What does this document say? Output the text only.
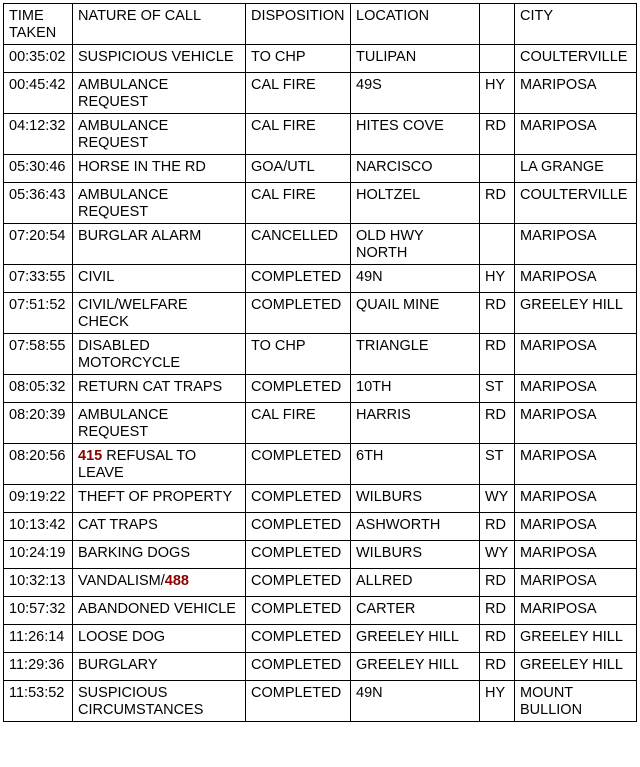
TIME TAKEN	NATURE OF CALL	DISPOSITION	LOCATION		CITY
00:35:02	SUSPICIOUS VEHICLE	TO CHP	TULIPAN		COULTERVILLE
00:45:42	AMBULANCE REQUEST	CAL FIRE	49S	HY	MARIPOSA
04:12:32	AMBULANCE REQUEST	CAL FIRE	HITES COVE	RD	MARIPOSA
05:30:46	HORSE IN THE RD	GOA/UTL	NARCISCO		LA GRANGE
05:36:43	AMBULANCE REQUEST	CAL FIRE	HOLTZEL	RD	COULTERVILLE
07:20:54	BURGLAR ALARM	CANCELLED	OLD HWY NORTH		MARIPOSA
07:33:55	CIVIL	COMPLETED	49N	HY	MARIPOSA
07:51:52	CIVIL/WELFARE CHECK	COMPLETED	QUAIL MINE	RD	GREELEY HILL
07:58:55	DISABLED MOTORCYCLE	TO CHP	TRIANGLE	RD	MARIPOSA
08:05:32	RETURN CAT TRAPS	COMPLETED	10TH	ST	MARIPOSA
08:20:39	AMBULANCE REQUEST	CAL FIRE	HARRIS	RD	MARIPOSA
08:20:56	415 REFUSAL TO LEAVE	COMPLETED	6TH	ST	MARIPOSA
09:19:22	THEFT OF PROPERTY	COMPLETED	WILBURS	WY	MARIPOSA
10:13:42	CAT TRAPS	COMPLETED	ASHWORTH	RD	MARIPOSA
10:24:19	BARKING DOGS	COMPLETED	WILBURS	WY	MARIPOSA
10:32:13	VANDALISM/488	COMPLETED	ALLRED	RD	MARIPOSA
10:57:32	ABANDONED VEHICLE	COMPLETED	CARTER	RD	MARIPOSA
11:26:14	LOOSE DOG	COMPLETED	GREELEY HILL	RD	GREELEY HILL
11:29:36	BURGLARY	COMPLETED	GREELEY HILL	RD	GREELEY HILL
11:53:52	SUSPICIOUS CIRCUMSTANCES	COMPLETED	49N	HY	MOUNT BULLION
